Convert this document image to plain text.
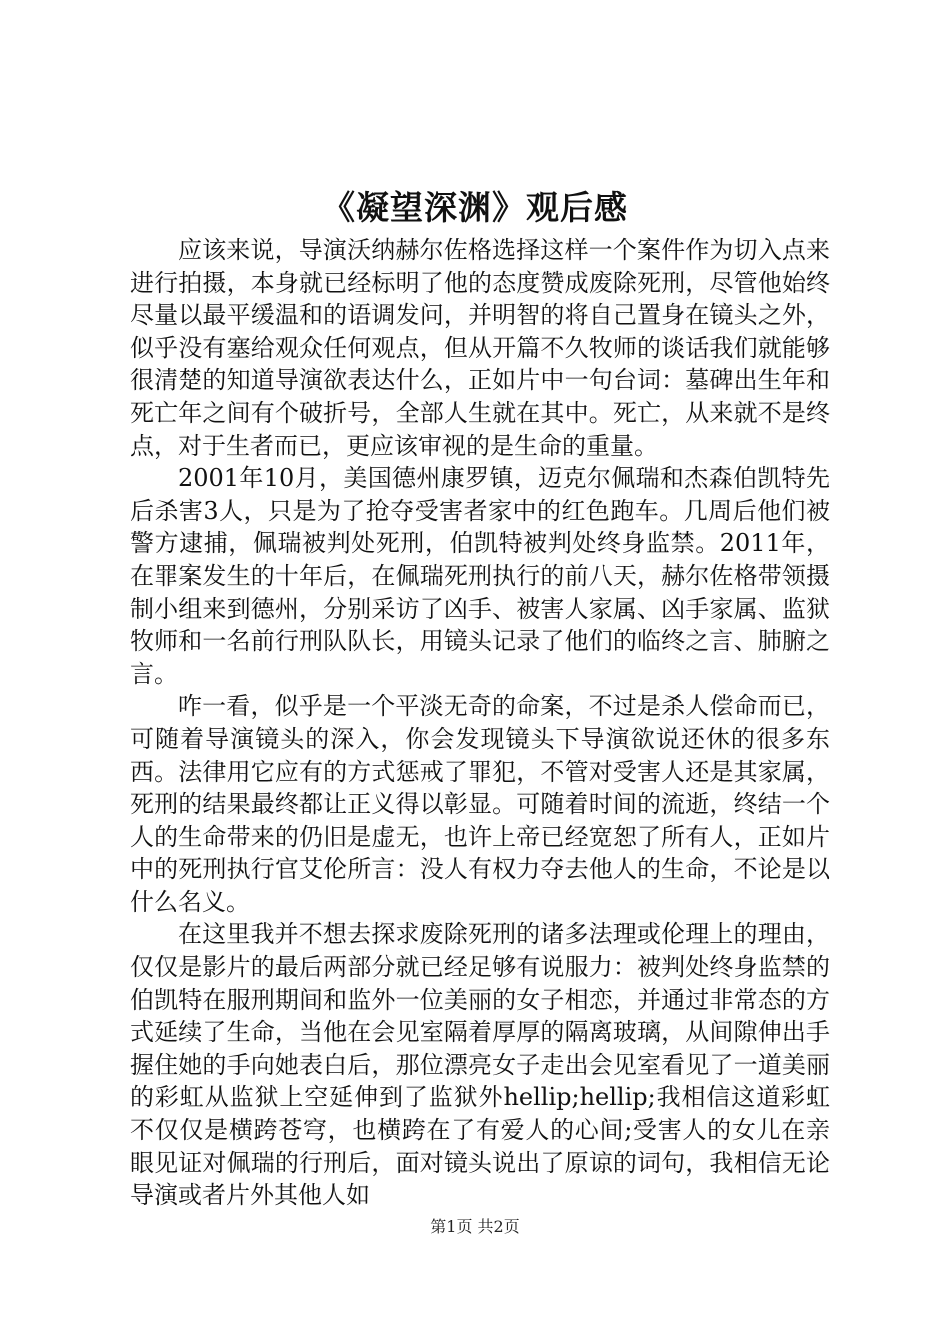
《凝望深渊》观后感

应该来说，导演沃纳赫尔佐格选择这样一个案件作为切入点来进行拍摄，本身就已经标明了他的态度赞成废除死刑，尽管他始终尽量以最平缓温和的语调发问，并明智的将自己置身在镜头之外，似乎没有塞给观众任何观点，但从开篇不久牧师的谈话我们就能够很清楚的知道导演欲表达什么，正如片中一句台词：墓碑出生年和死亡年之间有个破折号，全部人生就在其中。死亡，从来就不是终点，对于生者而已，更应该审视的是生命的重量。

2001年10月，美国德州康罗镇，迈克尔佩瑞和杰森伯凯特先后杀害3人，只是为了抢夺受害者家中的红色跑车。几周后他们被警方逮捕，佩瑞被判处死刑，伯凯特被判处终身监禁。2011年，在罪案发生的十年后，在佩瑞死刑执行的前八天，赫尔佐格带领摄制小组来到德州，分别采访了凶手、被害人家属、凶手家属、监狱牧师和一名前行刑队队长，用镜头记录了他们的临终之言、肺腑之言。

咋一看，似乎是一个平淡无奇的命案，不过是杀人偿命而已，可随着导演镜头的深入，你会发现镜头下导演欲说还休的很多东西。法律用它应有的方式惩戒了罪犯，不管对受害人还是其家属，死刑的结果最终都让正义得以彰显。可随着时间的流逝，终结一个人的生命带来的仍旧是虚无，也许上帝已经宽恕了所有人，正如片中的死刑执行官艾伦所言：没人有权力夺去他人的生命，不论是以什么名义。

在这里我并不想去探求废除死刑的诸多法理或伦理上的理由，仅仅是影片的最后两部分就已经足够有说服力：被判处终身监禁的伯凯特在服刑期间和监外一位美丽的女子相恋，并通过非常态的方式延续了生命，当他在会见室隔着厚厚的隔离玻璃，从间隙伸出手握住她的手向她表白后，那位漂亮女子走出会见室看见了一道美丽的彩虹从监狱上空延伸到了监狱外hellip;hellip;我相信这道彩虹不仅仅是横跨苍穹，也横跨在了有爱人的心间;受害人的女儿在亲眼见证对佩瑞的行刑后，面对镜头说出了原谅的词句，我相信无论导演或者片外其他人如

第1页 共2页
